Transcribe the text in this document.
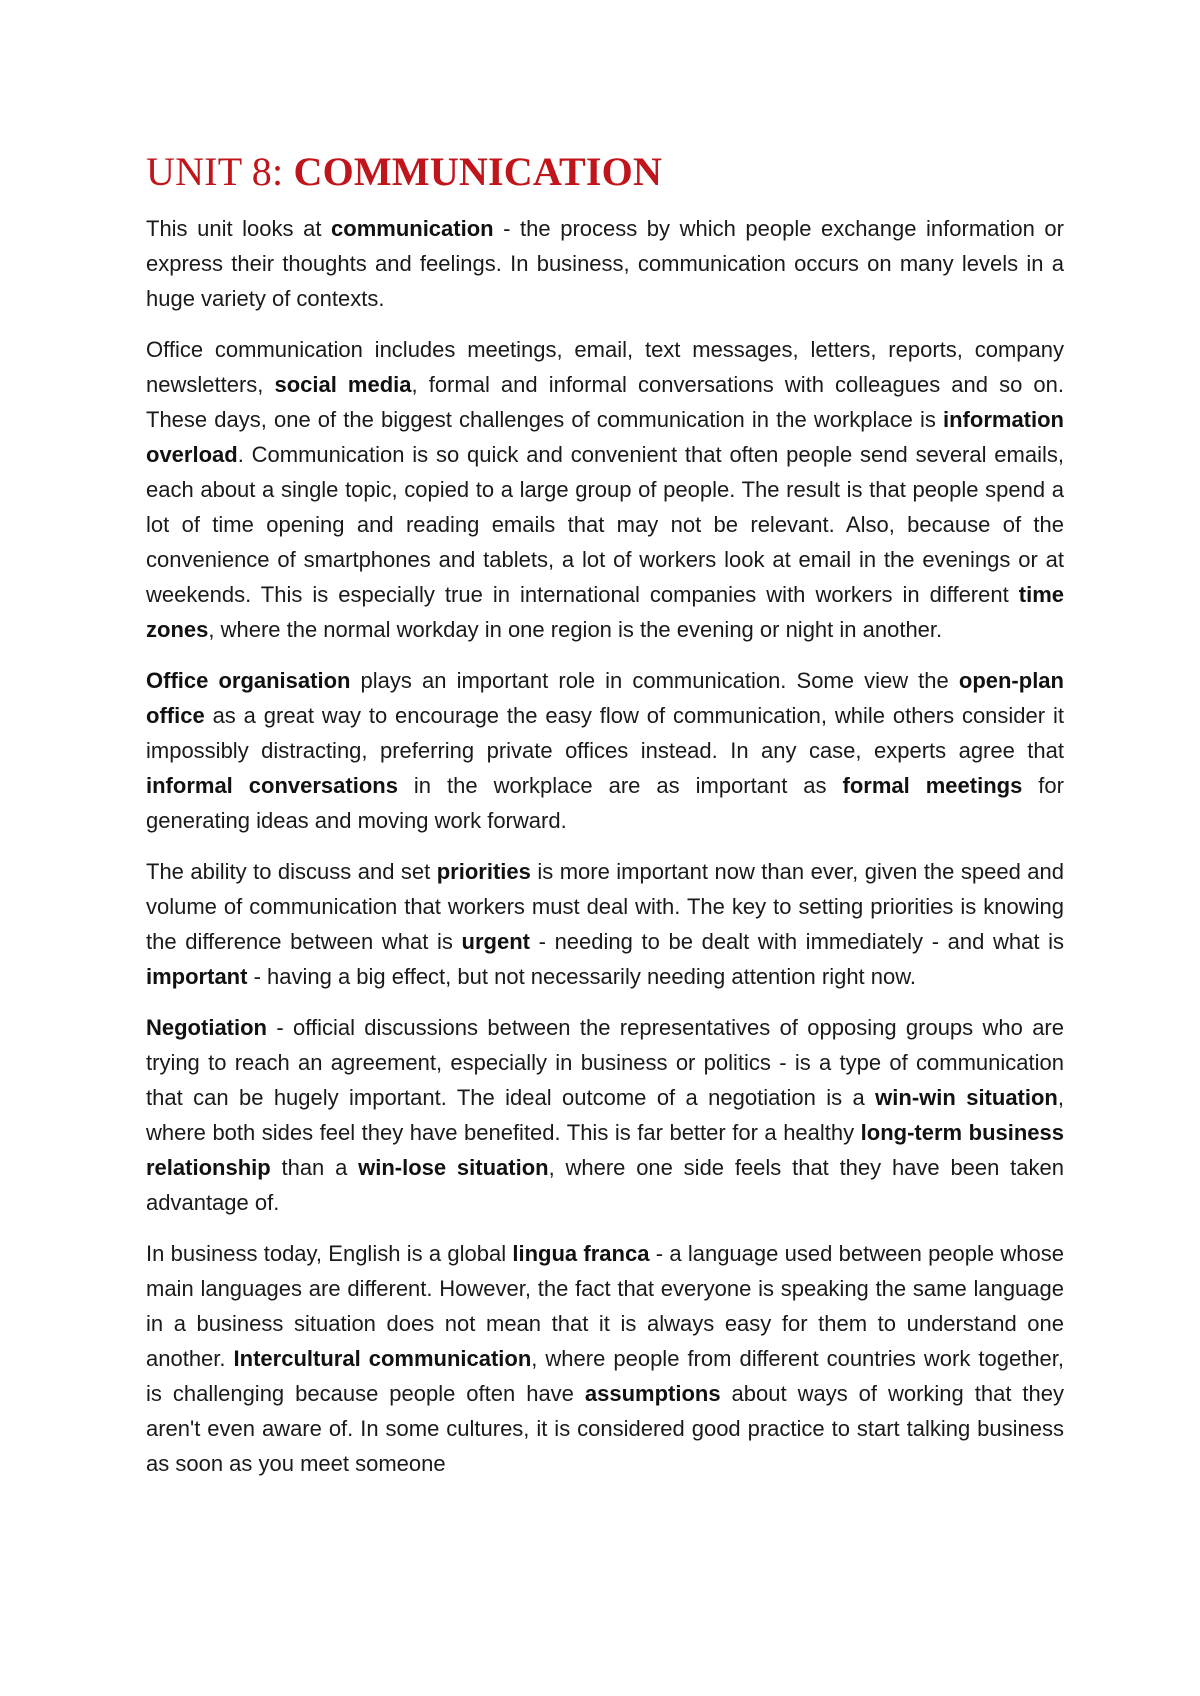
UNIT 8: COMMUNICATION

This unit looks at communication - the process by which people exchange information or express their thoughts and feelings. In business, communication occurs on many levels in a huge variety of contexts.

Office communication includes meetings, email, text messages, letters, reports, company newsletters, social media, formal and informal conversations with colleagues and so on. These days, one of the biggest challenges of communication in the workplace is information overload. Communication is so quick and convenient that often people send several emails, each about a single topic, copied to a large group of people. The result is that people spend a lot of time opening and reading emails that may not be relevant. Also, because of the convenience of smartphones and tablets, a lot of workers look at email in the evenings or at weekends. This is especially true in international companies with workers in different time zones, where the normal workday in one region is the evening or night in another.

Office organisation plays an important role in communication. Some view the open-plan office as a great way to encourage the easy flow of communication, while others consider it impossibly distracting, preferring private offices instead. In any case, experts agree that informal conversations in the workplace are as important as formal meetings for generating ideas and moving work forward.

The ability to discuss and set priorities is more important now than ever, given the speed and volume of communication that workers must deal with. The key to setting priorities is knowing the difference between what is urgent - needing to be dealt with immediately - and what is important - having a big effect, but not necessarily needing attention right now.

Negotiation - official discussions between the representatives of opposing groups who are trying to reach an agreement, especially in business or politics - is a type of communication that can be hugely important. The ideal outcome of a negotiation is a win-win situation, where both sides feel they have benefited. This is far better for a healthy long-term business relationship than a win-lose situation, where one side feels that they have been taken advantage of.

In business today, English is a global lingua franca - a language used between people whose main languages are different. However, the fact that everyone is speaking the same language in a business situation does not mean that it is always easy for them to understand one another. Intercultural communication, where people from different countries work together, is challenging because people often have assumptions about ways of working that they aren't even aware of. In some cultures, it is considered good practice to start talking business as soon as you meet someone
